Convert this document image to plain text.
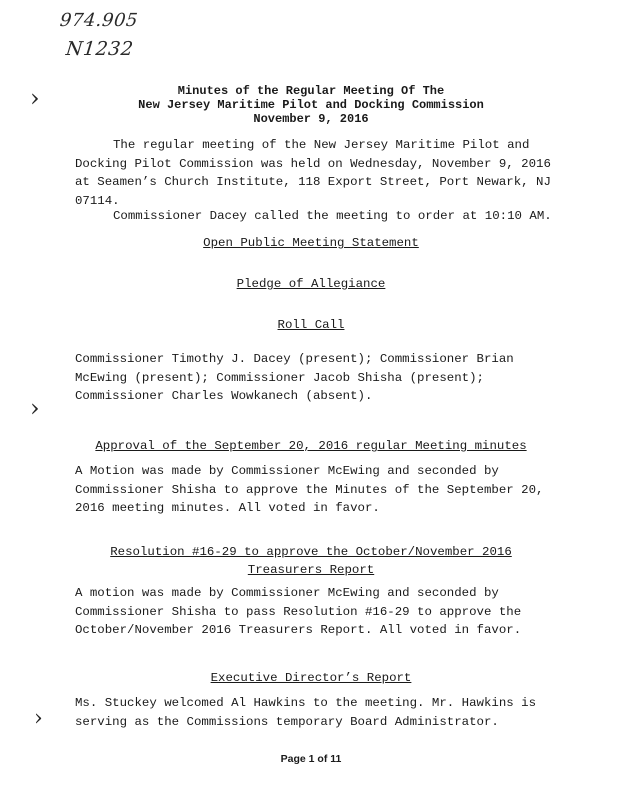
974.905
N1232
›
›
›
Minutes of the Regular Meeting Of The
New Jersey Maritime Pilot and Docking Commission
November 9, 2016
The regular meeting of the New Jersey Maritime Pilot and
Docking Pilot Commission was held on Wednesday, November 9, 2016
at Seamen’s Church Institute, 118 Export Street, Port Newark, NJ
07114.
Commissioner Dacey called the meeting to order at 10:10 AM.
Open Public Meeting Statement
Pledge of Allegiance
Roll Call
Commissioner Timothy J. Dacey (present); Commissioner Brian
McEwing (present); Commissioner Jacob Shisha (present);
Commissioner Charles Wowkanech (absent).
Approval of the September 20, 2016 regular Meeting minutes
A Motion was made by Commissioner McEwing and seconded by
Commissioner Shisha to approve the Minutes of the September 20,
2016 meeting minutes. All voted in favor.
Resolution #16-29 to approve the October/November 2016
Treasurers Report
A motion was made by Commissioner McEwing and seconded by
Commissioner Shisha to pass Resolution #16-29 to approve the
October/November 2016 Treasurers Report. All voted in favor.
Executive Director’s Report
Ms. Stuckey welcomed Al Hawkins to the meeting. Mr. Hawkins is
serving as the Commissions temporary Board Administrator.
Page 1 of 11
